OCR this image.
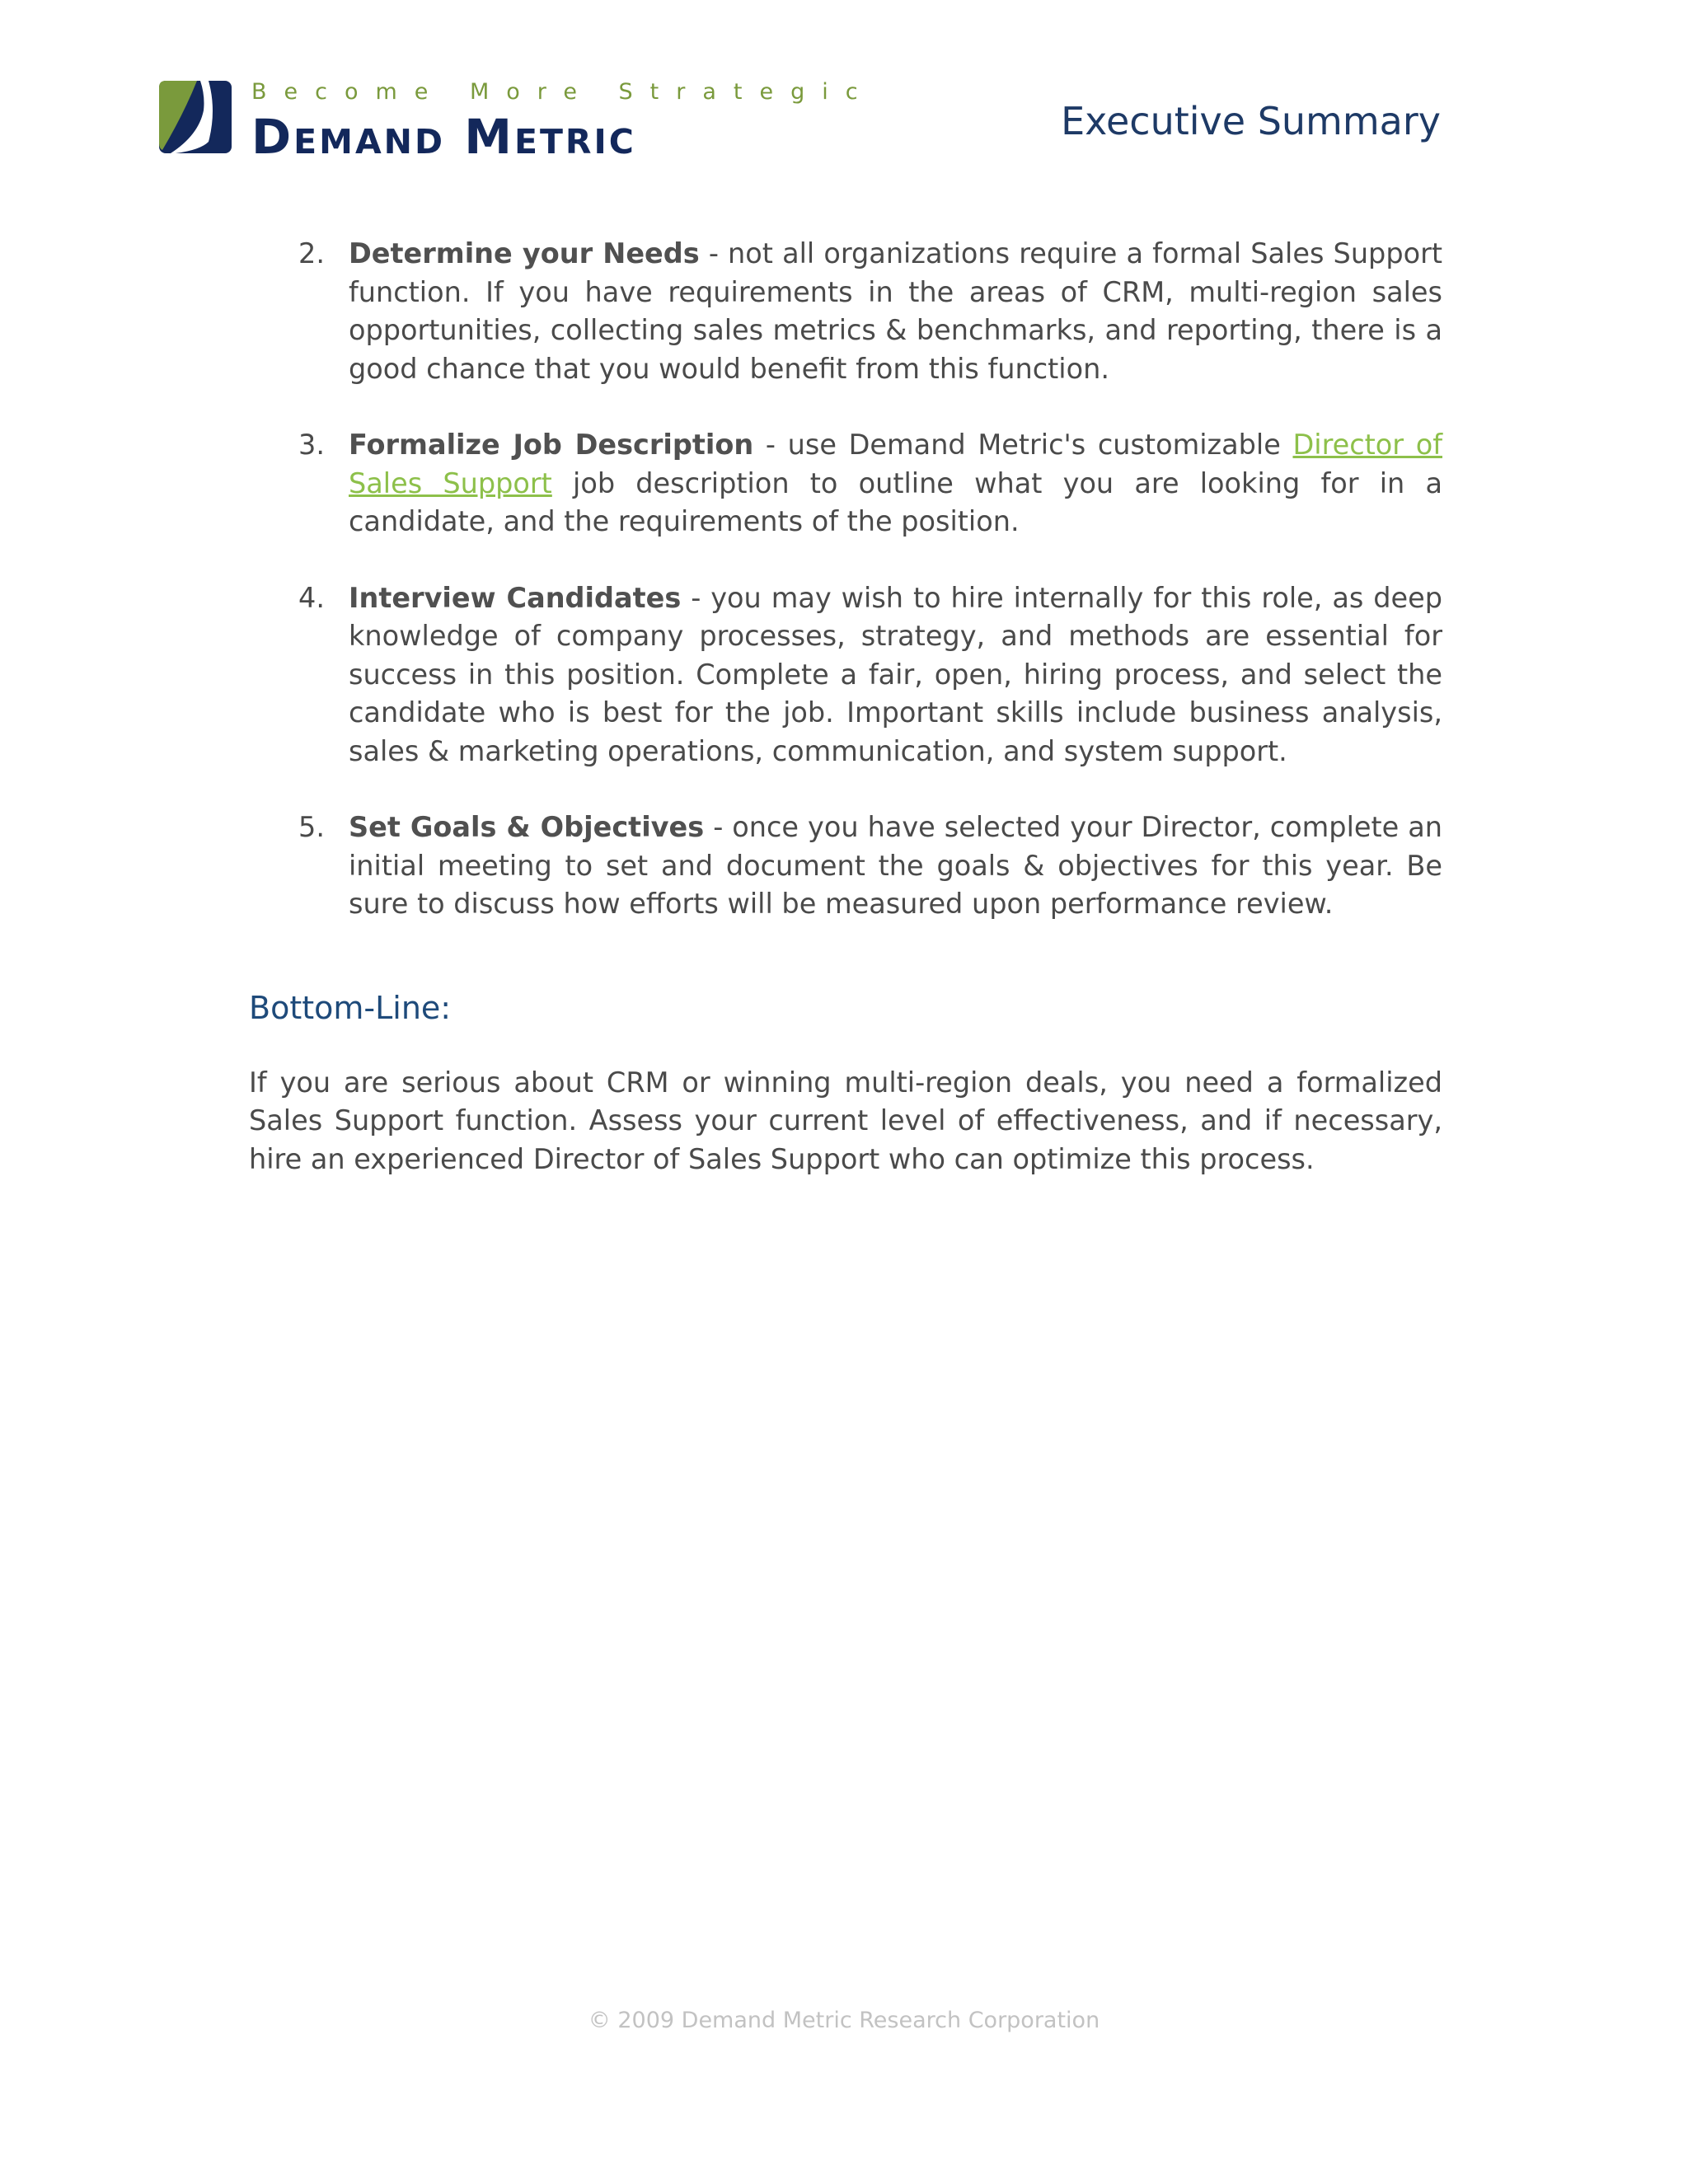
Become More Strategic
Demand Metric	Executive Summary
2. Determine your Needs - not all organizations require a formal Sales Support function. If you have requirements in the areas of CRM, multi-region sales opportunities, collecting sales metrics & benchmarks, and reporting, there is a good chance that you would benefit from this function.
3. Formalize Job Description - use Demand Metric's customizable Director of Sales Support job description to outline what you are looking for in a candidate, and the requirements of the position.
4. Interview Candidates - you may wish to hire internally for this role, as deep knowledge of company processes, strategy, and methods are essential for success in this position. Complete a fair, open, hiring process, and select the candidate who is best for the job. Important skills include business analysis, sales & marketing operations, communication, and system support.
5. Set Goals & Objectives - once you have selected your Director, complete an initial meeting to set and document the goals & objectives for this year. Be sure to discuss how efforts will be measured upon performance review.
Bottom-Line:
If you are serious about CRM or winning multi-region deals, you need a formalized Sales Support function. Assess your current level of effectiveness, and if necessary, hire an experienced Director of Sales Support who can optimize this process.
© 2009 Demand Metric Research Corporation
